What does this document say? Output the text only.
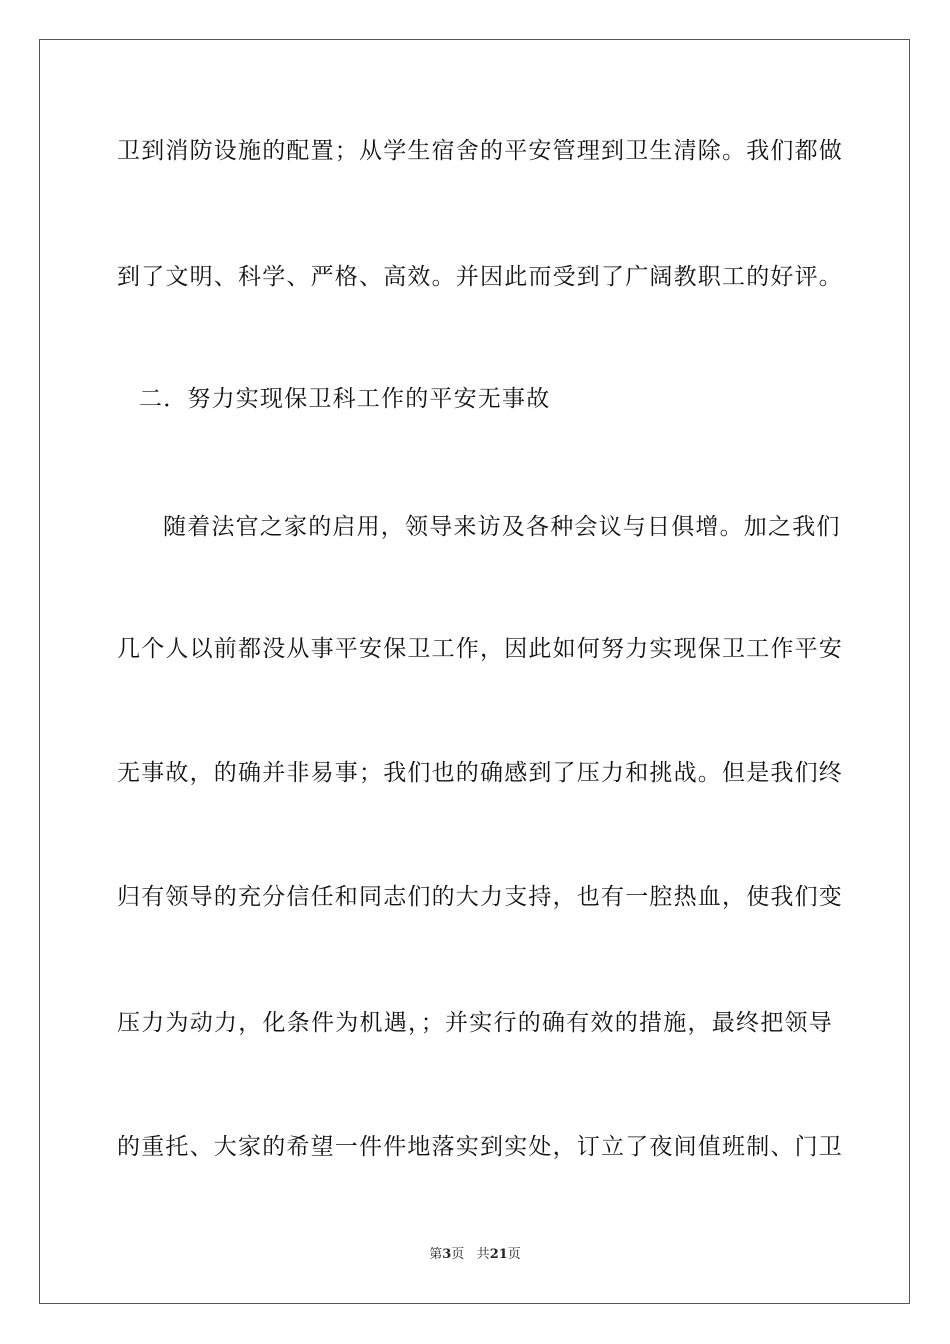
卫到消防设施的配置；从学生宿舍的平安管理到卫生清除。我们都做
到了文明、科学、严格、高效。并因此而受到了广阔教职工的好评。
二．努力实现保卫科工作的平安无事故
随着法官之家的启用，领导来访及各种会议与日俱增。加之我们
几个人以前都没从事平安保卫工作，因此如何努力实现保卫工作平安
无事故，的确并非易事；我们也的确感到了压力和挑战。但是我们终
归有领导的充分信任和同志们的大力支持，也有一腔热血，使我们变
压力为动力，化条件为机遇，；并实行的确有效的措施，最终把领导
的重托、大家的希望一件件地落实到实处，订立了夜间值班制、门卫
第3页 共21页
